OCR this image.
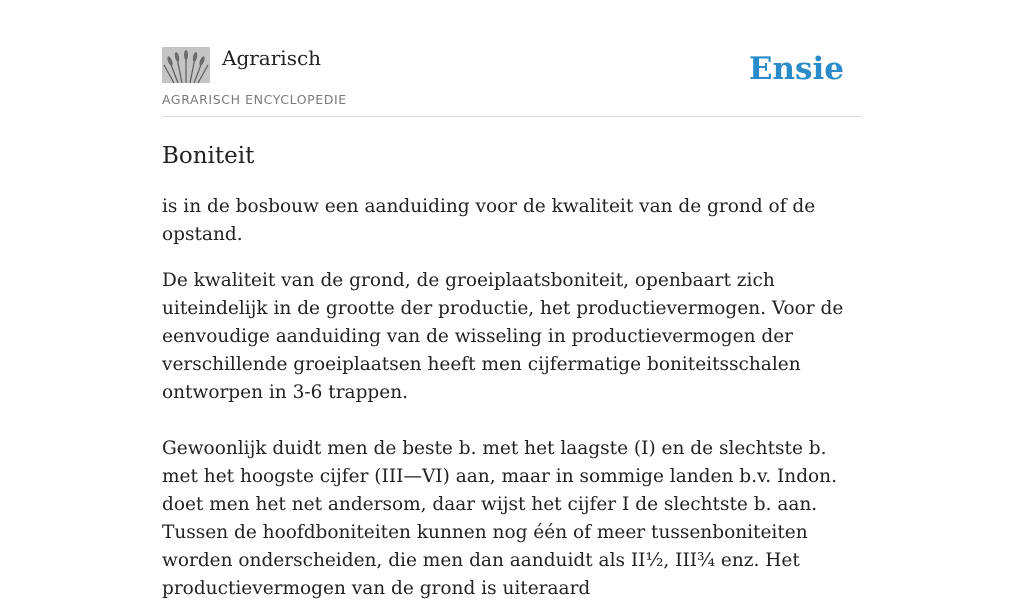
Agrarisch
AGRARISCH ENCYCLOPEDIE
Ensie
Boniteit

is in de bosbouw een aanduiding voor de kwaliteit van de grond of de opstand.

De kwaliteit van de grond, de groeiplaatsboniteit, openbaart zich uiteindelijk in de grootte der productie, het productievermogen. Voor de eenvoudige aanduiding van de wisseling in productievermogen der verschillende groeiplaatsen heeft men cijfermatige boniteitsschalen ontworpen in 3-6 trappen.

Gewoonlijk duidt men de beste b. met het laagste (I) en de slechtste b. met het hoogste cijfer (III—VI) aan, maar in sommige landen b.v. Indon. doet men het net andersom, daar wijst het cijfer I de slechtste b. aan. Tussen de hoofdboniteiten kunnen nog één of meer tussenboniteiten worden onderscheiden, die men dan aanduidt als II½, III¾ enz. Het productievermogen van de grond is uiteraard
